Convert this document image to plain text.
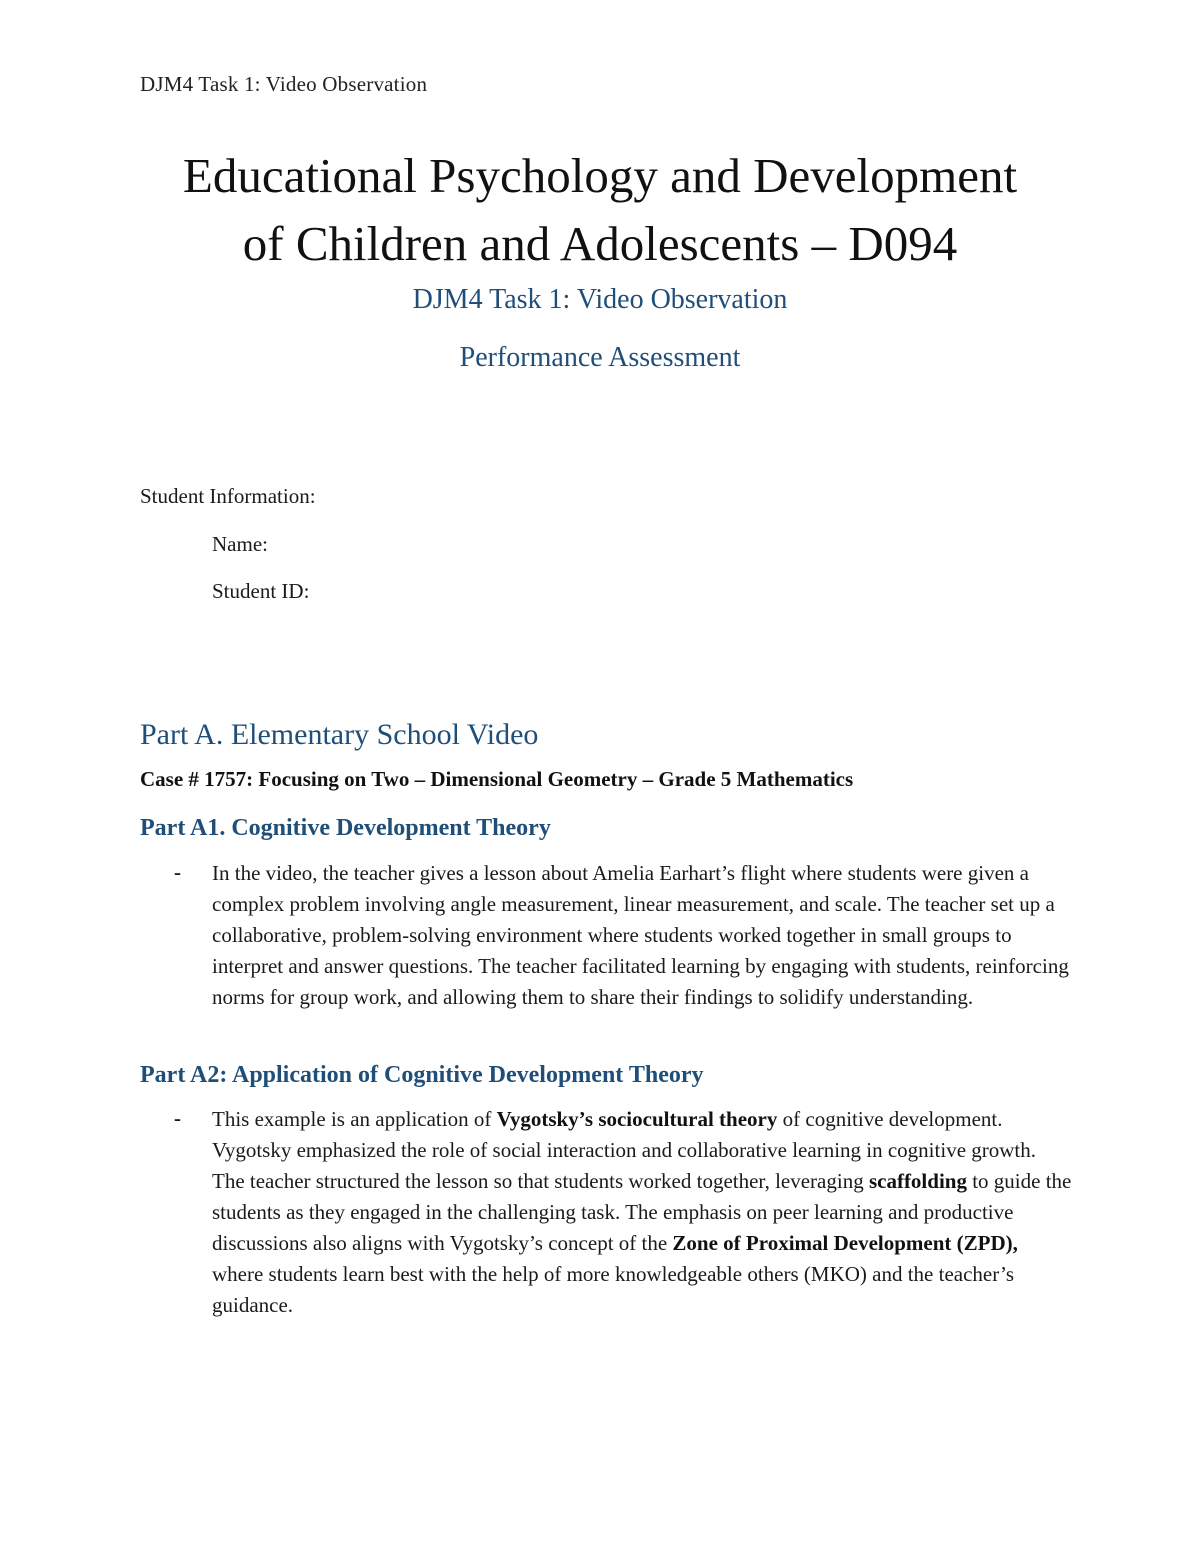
DJM4 Task 1: Video Observation
Educational Psychology and Development
of Children and Adolescents – D094
DJM4 Task 1: Video Observation
Performance Assessment
Student Information:
Name:
Student ID:
Part A. Elementary School Video
Case # 1757: Focusing on Two – Dimensional Geometry – Grade 5 Mathematics
Part A1. Cognitive Development Theory
- In the video, the teacher gives a lesson about Amelia Earhart’s flight where students were given a complex problem involving angle measurement, linear measurement, and scale. The teacher set up a collaborative, problem-solving environment where students worked together in small groups to interpret and answer questions. The teacher facilitated learning by engaging with students, reinforcing norms for group work, and allowing them to share their findings to solidify understanding.
Part A2: Application of Cognitive Development Theory
- This example is an application of Vygotsky’s sociocultural theory of cognitive development. Vygotsky emphasized the role of social interaction and collaborative learning in cognitive growth. The teacher structured the lesson so that students worked together, leveraging scaffolding to guide the students as they engaged in the challenging task. The emphasis on peer learning and productive discussions also aligns with Vygotsky’s concept of the Zone of Proximal Development (ZPD), where students learn best with the help of more knowledgeable others (MKO) and the teacher’s guidance.
